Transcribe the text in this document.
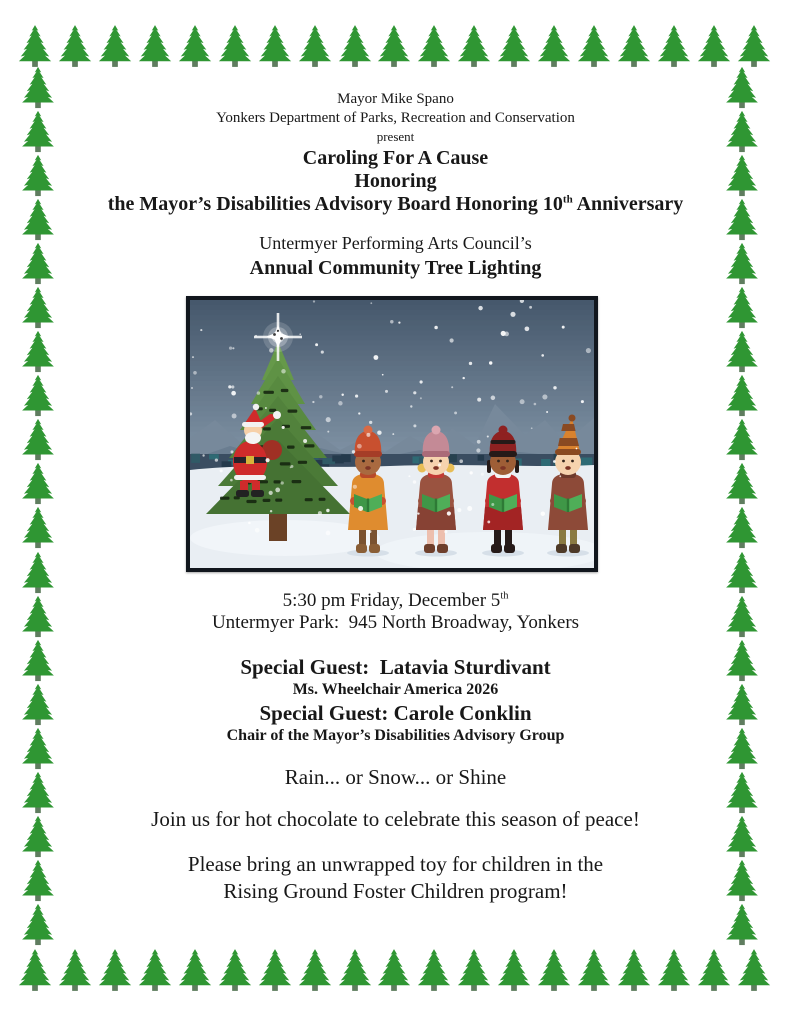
Mayor Mike Spano
Yonkers Department of Parks, Recreation and Conservation
present
Caroling For A Cause
Honoring
the Mayor’s Disabilities Advisory Board Honoring 10th Anniversary
Untermyer Performing Arts Council’s
Annual Community Tree Lighting
5:30 pm Friday, December 5th
Untermyer Park:  945 North Broadway, Yonkers
Special Guest:  Latavia Sturdivant
Ms. Wheelchair America 2026
Special Guest: Carole Conklin
Chair of the Mayor’s Disabilities Advisory Group
Rain... or Snow... or Shine
Join us for hot chocolate to celebrate this season of peace!
Please bring an unwrapped toy for children in the
Rising Ground Foster Children program!
